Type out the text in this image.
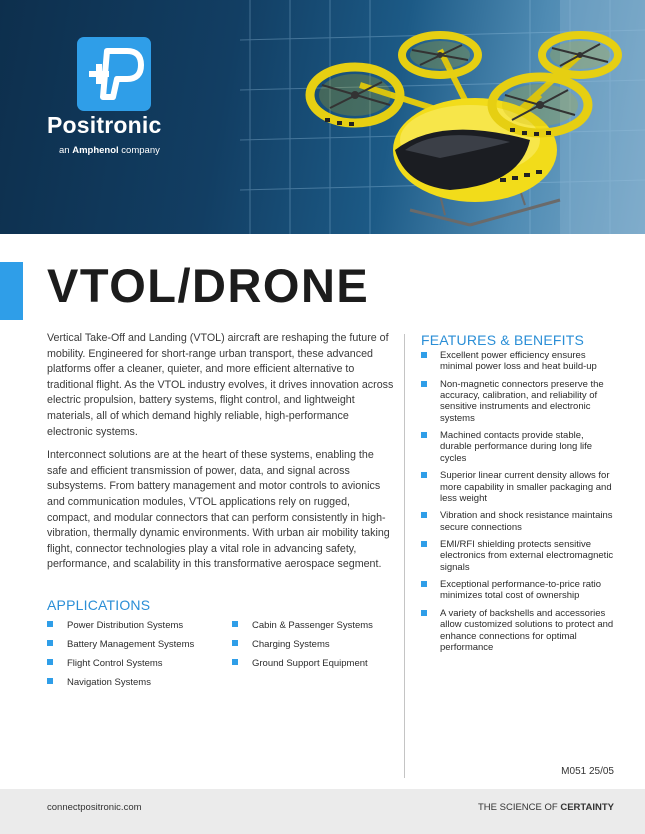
Positronic
an Amphenol company
VTOL/DRONE

Vertical Take-Off and Landing (VTOL) aircraft are reshaping the future of mobility. Engineered for short-range urban transport, these advanced platforms offer a cleaner, quieter, and more efficient alternative to traditional flight. As the VTOL industry evolves, it drives innovation across electric propulsion, battery systems, flight control, and lightweight materials, all of which demand highly reliable, high-performance electronic systems.

Interconnect solutions are at the heart of these systems, enabling the safe and efficient transmission of power, data, and signal across subsystems. From battery management and motor controls to avionics and communication modules, VTOL applications rely on rugged, compact, and modular connectors that can perform consistently in high-vibration, thermally dynamic environments. With urban air mobility taking flight, connector technologies play a vital role in advancing safety, performance, and scalability in this transformative aerospace segment.

APPLICATIONS
Power Distribution Systems
Battery Management Systems
Flight Control Systems
Navigation Systems
Cabin & Passenger Systems
Charging Systems
Ground Support Equipment
FEATURES & BENEFITS
Excellent power efficiency ensures minimal power loss and heat build-up
Non-magnetic connectors preserve the accuracy, calibration, and reliability of sensitive instruments and electronic systems
Machined contacts provide stable, durable performance during long life cycles
Superior linear current density allows for more capability in smaller packaging and less weight
Vibration and shock resistance maintains secure connections
EMI/RFI shielding protects sensitive electronics from external electromagnetic signals
Exceptional performance-to-price ratio minimizes total cost of ownership
A variety of backshells and accessories allow customized solutions to protect and enhance connections for optimal performance
M051 25/05
connectpositronic.com	THE SCIENCE OF CERTAINTY
